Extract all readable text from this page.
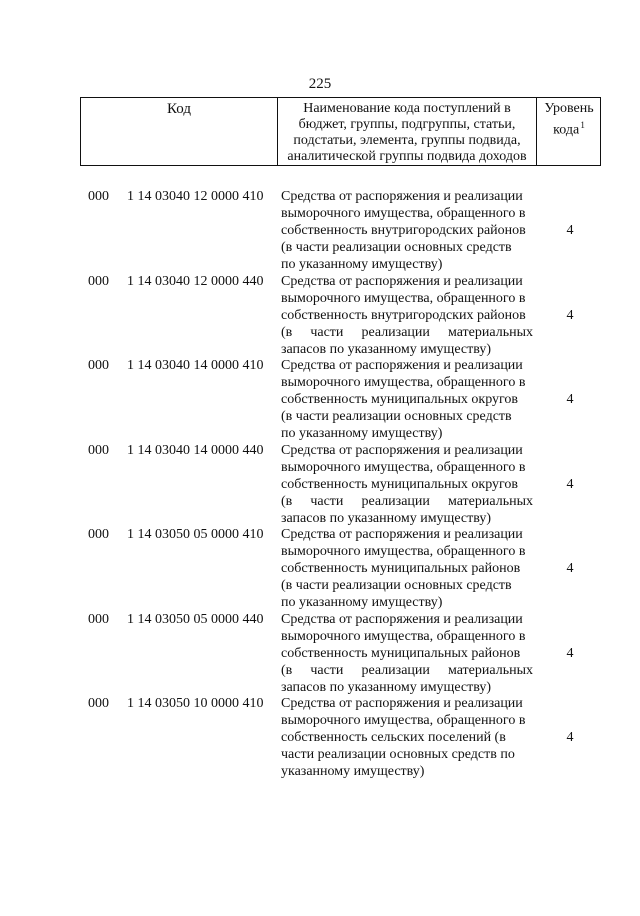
225
Код	Наименование кода поступлений в
бюджет, группы, подгруппы, статьи,
подстатьи, элемента, группы подвида,
аналитической группы подвида доходов
Уровень
кода $^1$
000 1 14 03040 12 0000 410 Средства от распоряжения и реализации
выморочного имущества, обращенного в
собственность внутригородских районов
(в части реализации основных средств
по указанному имуществу)
4
000 1 14 03040 12 0000 440 Средства от распоряжения и реализации
выморочного имущества, обращенного в
собственность внутригородских районов
(в части реализации материальных
запасов по указанному имуществу)
4
000 1 14 03040 14 0000 410 Средства от распоряжения и реализации
выморочного имущества, обращенного в
собственность муниципальных округов
(в части реализации основных средств
по указанному имуществу)
4
000 1 14 03040 14 0000 440 Средства от распоряжения и реализации
выморочного имущества, обращенного в
собственность муниципальных округов
(в части реализации материальных
запасов по указанному имуществу)
4
000 1 14 03050 05 0000 410 Средства от распоряжения и реализации
выморочного имущества, обращенного в
собственность муниципальных районов
(в части реализации основных средств
по указанному имуществу)
4
000 1 14 03050 05 0000 440 Средства от распоряжения и реализации
выморочного имущества, обращенного в
собственность муниципальных районов
(в части реализации материальных
запасов по указанному имуществу)
4
000 1 14 03050 10 0000 410 Средства от распоряжения и реализации
выморочного имущества, обращенного в
собственность сельских поселений (в
части реализации основных средств по
указанному имуществу)
4
